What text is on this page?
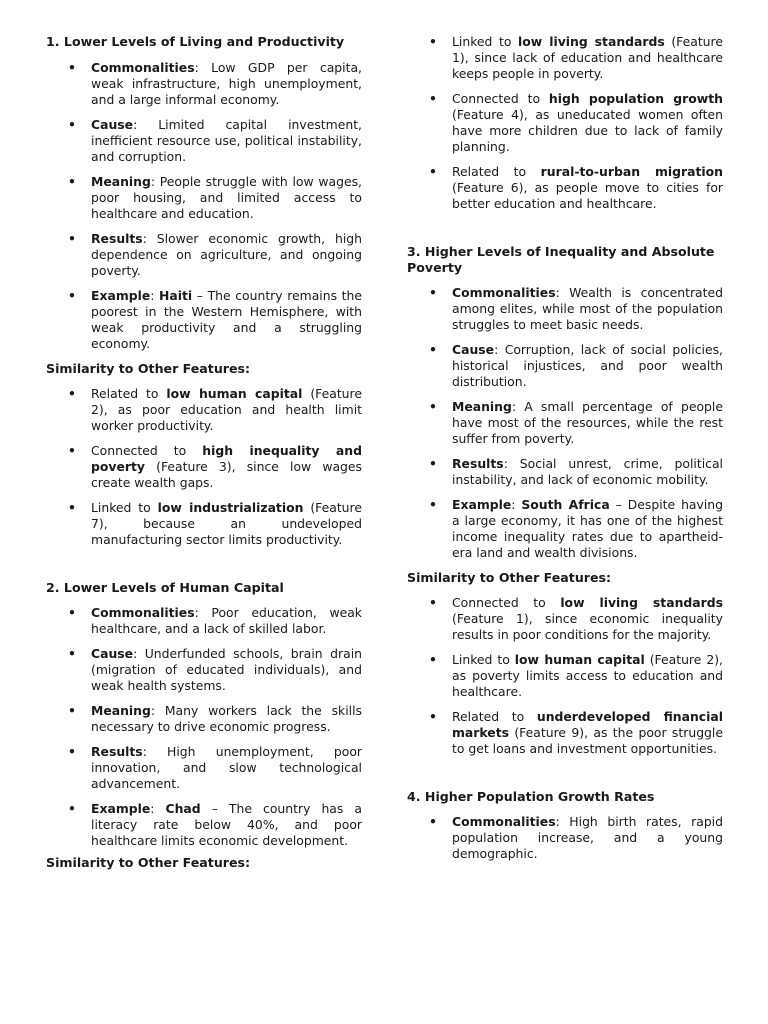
1. Lower Levels of Living and Productivity
• Commonalities: Low GDP per capita, weak infrastructure, high unemployment, and a large informal economy.
• Cause: Limited capital investment, inefficient resource use, political instability, and corruption.
• Meaning: People struggle with low wages, poor housing, and limited access to healthcare and education.
• Results: Slower economic growth, high dependence on agriculture, and ongoing poverty.
• Example: Haiti – The country remains the poorest in the Western Hemisphere, with weak productivity and a struggling economy.
Similarity to Other Features:
• Related to low human capital (Feature 2), as poor education and health limit worker productivity.
• Connected to high inequality and poverty (Feature 3), since low wages create wealth gaps.
• Linked to low industrialization (Feature 7), because an undeveloped manufacturing sector limits productivity.
2. Lower Levels of Human Capital
• Commonalities: Poor education, weak healthcare, and a lack of skilled labor.
• Cause: Underfunded schools, brain drain (migration of educated individuals), and weak health systems.
• Meaning: Many workers lack the skills necessary to drive economic progress.
• Results: High unemployment, poor innovation, and slow technological advancement.
• Example: Chad – The country has a literacy rate below 40%, and poor healthcare limits economic development.
Similarity to Other Features:
• Linked to low living standards (Feature 1), since lack of education and healthcare keeps people in poverty.
• Connected to high population growth (Feature 4), as uneducated women often have more children due to lack of family planning.
• Related to rural-to-urban migration (Feature 6), as people move to cities for better education and healthcare.
3. Higher Levels of Inequality and Absolute Poverty
• Commonalities: Wealth is concentrated among elites, while most of the population struggles to meet basic needs.
• Cause: Corruption, lack of social policies, historical injustices, and poor wealth distribution.
• Meaning: A small percentage of people have most of the resources, while the rest suffer from poverty.
• Results: Social unrest, crime, political instability, and lack of economic mobility.
• Example: South Africa – Despite having a large economy, it has one of the highest income inequality rates due to apartheid-era land and wealth divisions.
Similarity to Other Features:
• Connected to low living standards (Feature 1), since economic inequality results in poor conditions for the majority.
• Linked to low human capital (Feature 2), as poverty limits access to education and healthcare.
• Related to underdeveloped financial markets (Feature 9), as the poor struggle to get loans and investment opportunities.
4. Higher Population Growth Rates
• Commonalities: High birth rates, rapid population increase, and a young demographic.
